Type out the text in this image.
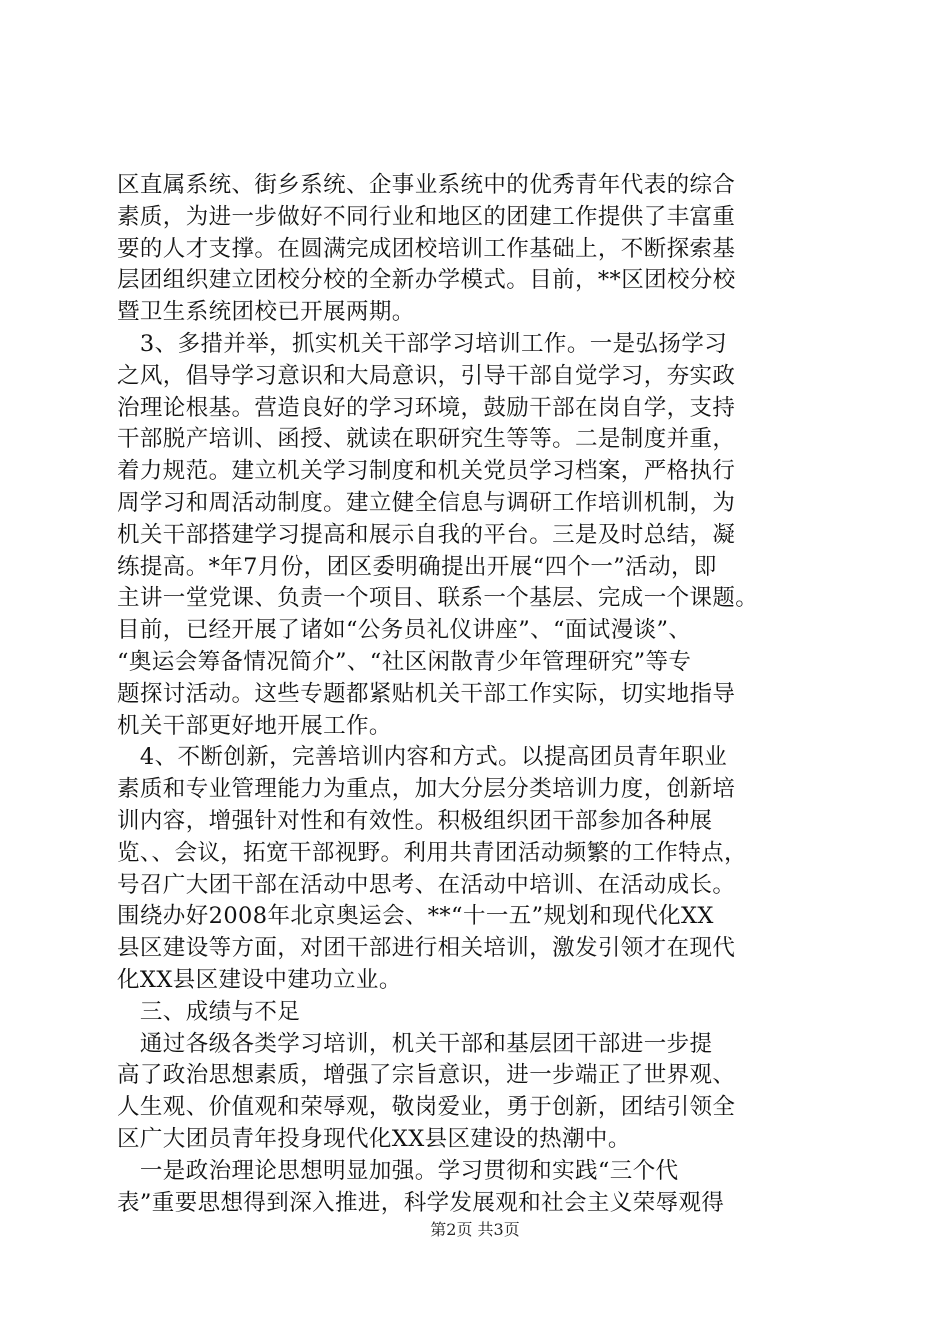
区直属系统、街乡系统、企事业系统中的优秀青年代表的综合
素质，为进一步做好不同行业和地区的团建工作提供了丰富重
要的人才支撑。在圆满完成团校培训工作基础上，不断探索基
层团组织建立团校分校的全新办学模式。目前，**区团校分校
暨卫生系统团校已开展两期。
　3、多措并举，抓实机关干部学习培训工作。一是弘扬学习
之风，倡导学习意识和大局意识，引导干部自觉学习，夯实政
治理论根基。营造良好的学习环境，鼓励干部在岗自学，支持
干部脱产培训、函授、就读在职研究生等等。二是制度并重，
着力规范。建立机关学习制度和机关党员学习档案，严格执行
周学习和周活动制度。建立健全信息与调研工作培训机制，为
机关干部搭建学习提高和展示自我的平台。三是及时总结，凝
练提高。*年7月份，团区委明确提出开展“四个一”活动，即
主讲一堂党课、负责一个项目、联系一个基层、完成一个课题。
目前，已经开展了诸如“公务员礼仪讲座”、“面试漫谈”、
“奥运会筹备情况简介”、“社区闲散青少年管理研究”等专
题探讨活动。这些专题都紧贴机关干部工作实际，切实地指导
机关干部更好地开展工作。
　4、不断创新，完善培训内容和方式。以提高团员青年职业
素质和专业管理能力为重点，加大分层分类培训力度，创新培
训内容，增强针对性和有效性。积极组织团干部参加各种展
览、、会议，拓宽干部视野。利用共青团活动频繁的工作特点，
号召广大团干部在活动中思考、在活动中培训、在活动成长。
围绕办好2008年北京奥运会、**“十一五”规划和现代化XX
县区建设等方面，对团干部进行相关培训，激发引领才在现代
化XX县区建设中建功立业。
　三、成绩与不足
　通过各级各类学习培训，机关干部和基层团干部进一步提
高了政治思想素质，增强了宗旨意识，进一步端正了世界观、
人生观、价值观和荣辱观，敬岗爱业，勇于创新，团结引领全
区广大团员青年投身现代化XX县区建设的热潮中。
　一是政治理论思想明显加强。学习贯彻和实践“三个代
表”重要思想得到深入推进，科学发展观和社会主义荣辱观得
第2页 共3页
